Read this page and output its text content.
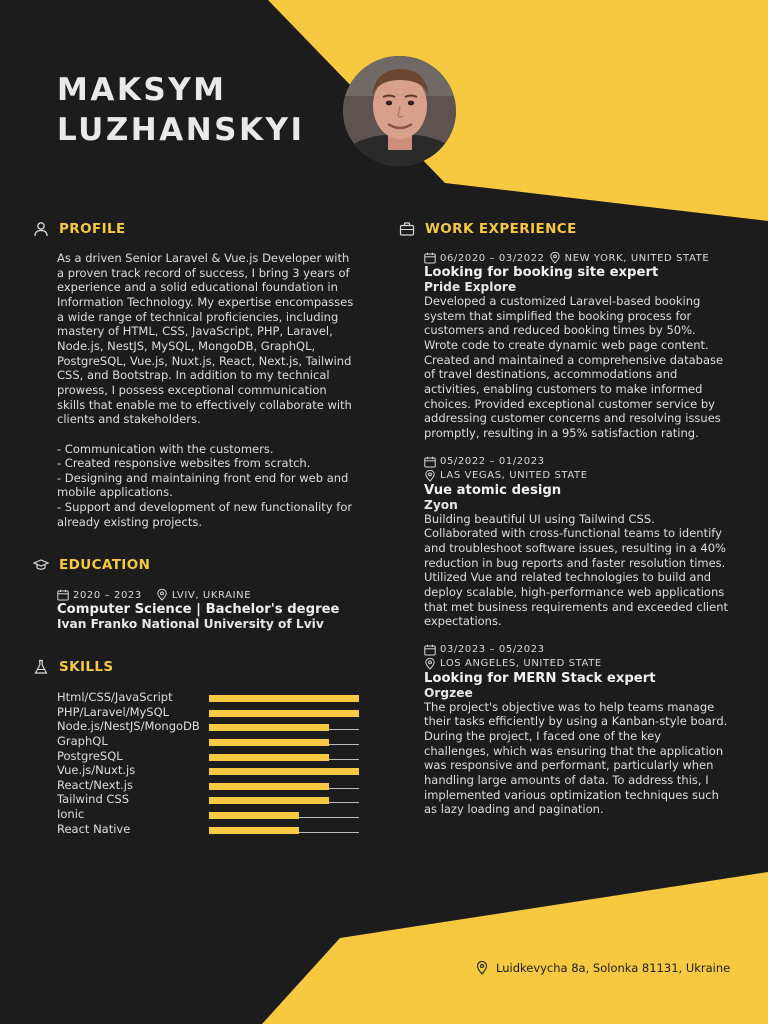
MAKSYM
LUZHANSKYI
PROFILE

As a driven Senior Laravel & Vue.js Developer with a proven track record of success, I bring 3 years of experience and a solid educational foundation in Information Technology. My expertise encompasses a wide range of technical proficiencies, including mastery of HTML, CSS, JavaScript, PHP, Laravel, Node.js, NestJS, MySQL, MongoDB, GraphQL, PostgreSQL, Vue.js, Nuxt.js, React, Next.js, Tailwind CSS, and Bootstrap. In addition to my technical prowess, I possess exceptional communication skills that enable me to effectively collaborate with clients and stakeholders.

- Communication with the customers.

- Created responsive websites from scratch.

- Designing and maintaining front end for web and mobile applications.

- Support and development of new functionality for already existing projects.

EDUCATION
2020 – 2023	LVIV, UKRAINE
Computer Science | Bachelor's degree
Ivan Franko National University of Lviv
SKILLS
Html/CSS/JavaScript
PHP/Laravel/MySQL
Node.js/NestJS/MongoDB
GraphQL
PostgreSQL
Vue.js/Nuxt.js
React/Next.js
Tailwind CSS
Ionic
React Native
WORK EXPERIENCE
06/2020 – 03/2022 NEW YORK, UNITED STATE
Looking for booking site expert
Pride Explore
Developed a customized Laravel-based booking system that simplified the booking process for customers and reduced booking times by 50%. Wrote code to create dynamic web page content. Created and maintained a comprehensive database of travel destinations, accommodations and activities, enabling customers to make informed choices. Provided exceptional customer service by addressing customer concerns and resolving issues promptly, resulting in a 95% satisfaction rating.
05/2022 – 01/2023
LAS VEGAS, UNITED STATE
Vue atomic design
Zyon
Building beautiful UI using Tailwind CSS. Collaborated with cross-functional teams to identify and troubleshoot software issues, resulting in a 40% reduction in bug reports and faster resolution times. Utilized Vue and related technologies to build and deploy scalable, high-performance web applications that met business requirements and exceeded client expectations.
03/2023 – 05/2023
LOS ANGELES, UNITED STATE
Looking for MERN Stack expert
Orgzee
The project's objective was to help teams manage their tasks efficiently by using a Kanban-style board. During the project, I faced one of the key challenges, which was ensuring that the application was responsive and performant, particularly when handling large amounts of data. To address this, I implemented various optimization techniques such as lazy loading and pagination.
Luidkevycha 8a, Solonka 81131, Ukraine
